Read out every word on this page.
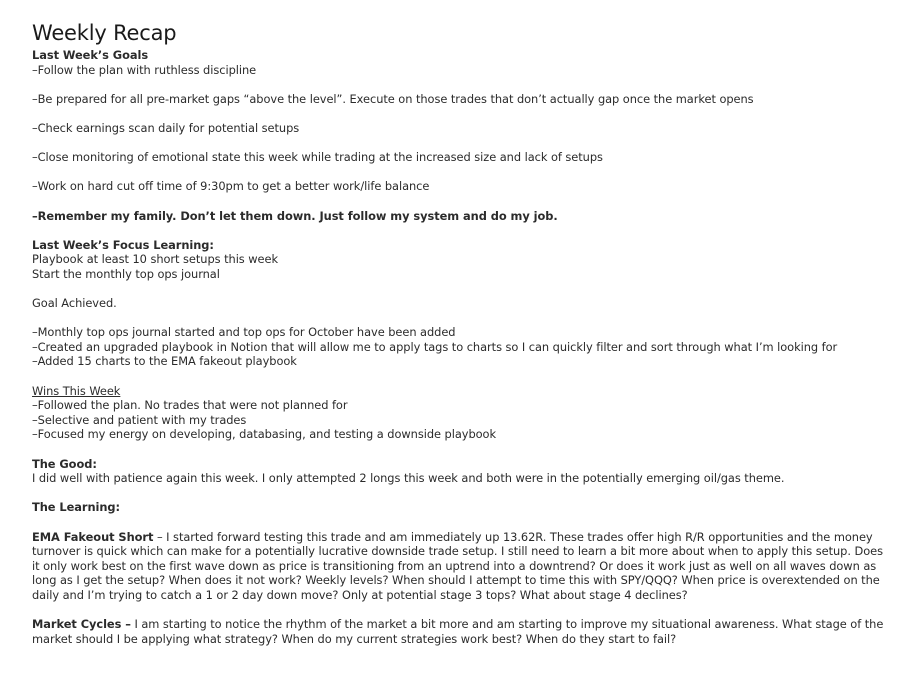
Weekly Recap
Last Week’s Goals
–Follow the plan with ruthless discipline
–Be prepared for all pre-market gaps “above the level”. Execute on those trades that don’t actually gap once the market opens
–Check earnings scan daily for potential setups
–Close monitoring of emotional state this week while trading at the increased size and lack of setups
–Work on hard cut off time of 9:30pm to get a better work/life balance
–Remember my family. Don’t let them down. Just follow my system and do my job.
Last Week’s Focus Learning:
Playbook at least 10 short setups this week
Start the monthly top ops journal
Goal Achieved.
–Monthly top ops journal started and top ops for October have been added
–Created an upgraded playbook in Notion that will allow me to apply tags to charts so I can quickly filter and sort through what I’m looking for
–Added 15 charts to the EMA fakeout playbook
Wins This Week
–Followed the plan. No trades that were not planned for
–Selective and patient with my trades
–Focused my energy on developing, databasing, and testing a downside playbook
The Good:
I did well with patience again this week. I only attempted 2 longs this week and both were in the potentially emerging oil/gas theme.
The Learning:
EMA Fakeout Short – I started forward testing this trade and am immediately up 13.62R. These trades offer high R/R opportunities and the money turnover is quick which can make for a potentially lucrative downside trade setup. I still need to learn a bit more about when to apply this setup. Does it only work best on the first wave down as price is transitioning from an uptrend into a downtrend? Or does it work just as well on all waves down as long as I get the setup? When does it not work? Weekly levels? When should I attempt to time this with SPY/QQQ? When price is overextended on the daily and I’m trying to catch a 1 or 2 day down move? Only at potential stage 3 tops? What about stage 4 declines?
Market Cycles – I am starting to notice the rhythm of the market a bit more and am starting to improve my situational awareness. What stage of the market should I be applying what strategy? When do my current strategies work best? When do they start to fail?
